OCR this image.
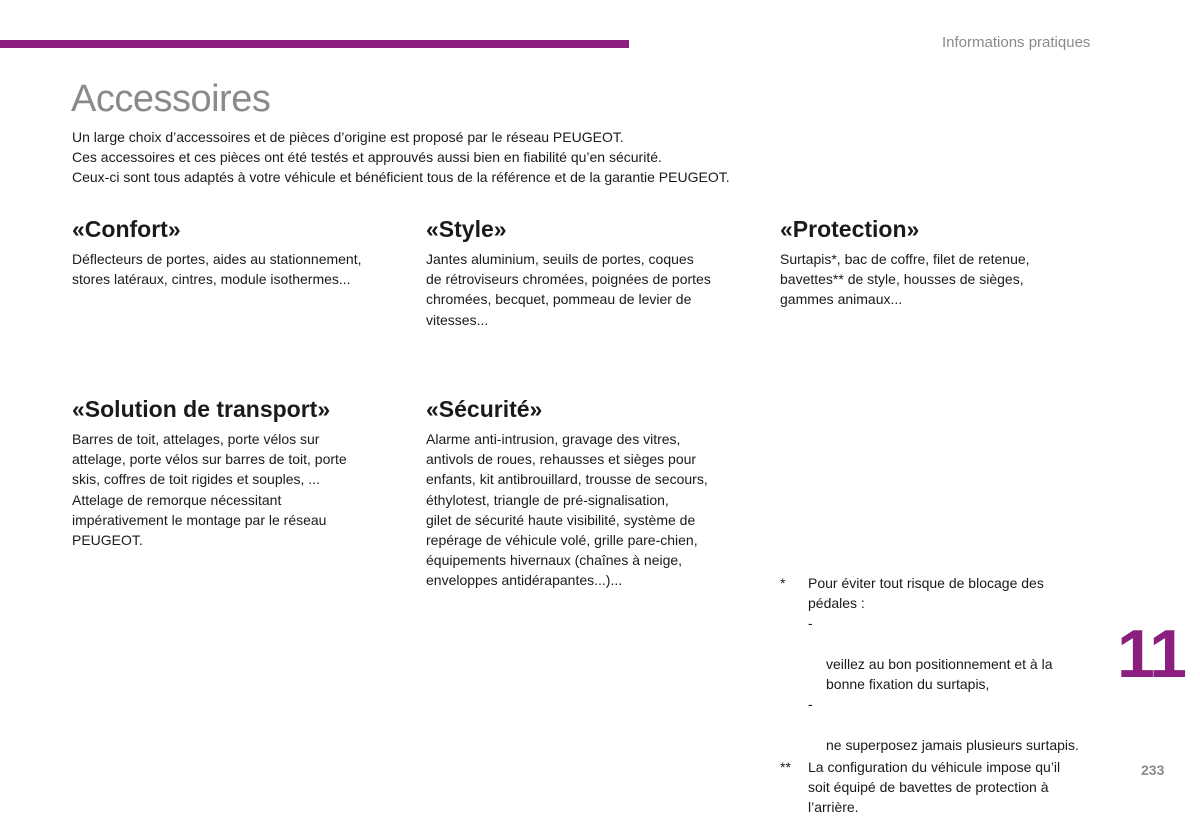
Informations pratiques
Accessoires

Un large choix d’accessoires et de pièces d’origine est proposé par le réseau PEUGEOT.

Ces accessoires et ces pièces ont été testés et approuvés aussi bien en fiabilité qu’en sécurité.

Ceux-ci sont tous adaptés à votre véhicule et bénéficient tous de la référence et de la garantie PEUGEOT.

«Confort»

Déflecteurs de portes, aides au stationnement,
stores latéraux, cintres, module isothermes...

«Style»

Jantes aluminium, seuils de portes, coques
de rétroviseurs chromées, poignées de portes
chromées, becquet, pommeau de levier de
vitesses...

«Protection»

Surtapis*, bac de coffre, filet de retenue,
bavettes** de style, housses de sièges,
gammes animaux...

«Solution de transport»

Barres de toit, attelages, porte vélos sur
attelage, porte vélos sur barres de toit, porte
skis, coffres de toit rigides et souples, ...
Attelage de remorque nécessitant
impérativement le montage par le réseau
PEUGEOT.

«Sécurité»

Alarme anti-intrusion, gravage des vitres,
antivols de roues, rehausses et sièges pour
enfants, kit antibrouillard, trousse de secours,
éthylotest, triangle de pré-signalisation,
gilet de sécurité haute visibilité, système de
repérage de véhicule volé, grille pare-chien,
équipements hivernaux (chaînes à neige,
enveloppes antidérapantes...)...	* Pour éviter tout risque de blocage des
pédales :

-

veillez au bon positionnement et à la
bonne fixation du surtapis,

-

ne superposez jamais plusieurs surtapis.

** La configuration du véhicule impose qu’il
soit équipé de bavettes de protection à
l’arrière.
11
233
